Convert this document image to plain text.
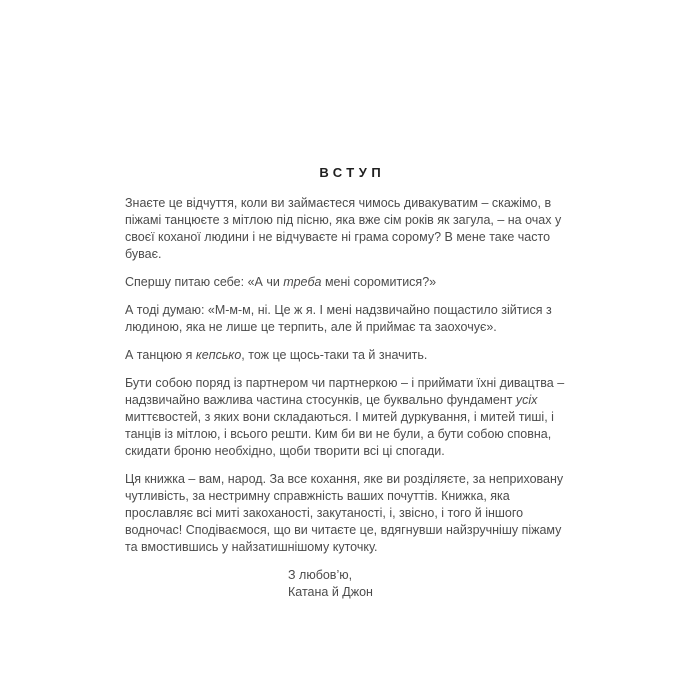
ВСТУП

Знаєте це відчуття, коли ви займаєтеся чимось дивакуватим – скажімо, в піжамі танцюєте з мітлою під пісню, яка вже сім років як загула, – на очах у своєї коханої людини і не відчуваєте ні грама сорому? В мене таке часто буває.

Спершу питаю себе: «А чи треба мені соромитися?»

А тоді думаю: «М-м-м, ні. Це ж я. І мені надзвичайно пощастило зійтися з людиною, яка не лише це терпить, але й приймає та заохочує».

А танцюю я кепсько, тож це щось-таки та й значить.

Бути собою поряд із партнером чи партнеркою – і приймати їхні дивацтва – надзвичайно важлива частина стосунків, це буквально фундамент усіх миттєвостей, з яких вони складаються. І митей дуркування, і митей тиші, і танців із мітлою, і всього решти. Ким би ви не були, а бути собою сповна, скидати броню необхідно, щоби творити всі ці спогади.

Ця книжка – вам, народ. За все кохання, яке ви розділяєте, за неприховану чутливість, за нестримну справжність ваших почуттів. Книжка, яка прославляє всі миті закоханості, закутаності, і, звісно, і того й іншого водночас! Сподіваємося, що ви читаєте це, вдягнувши найзручнішу піжаму та вмостившись у найзатишнішому куточку.

З любов’ю,
Катана й Джон
